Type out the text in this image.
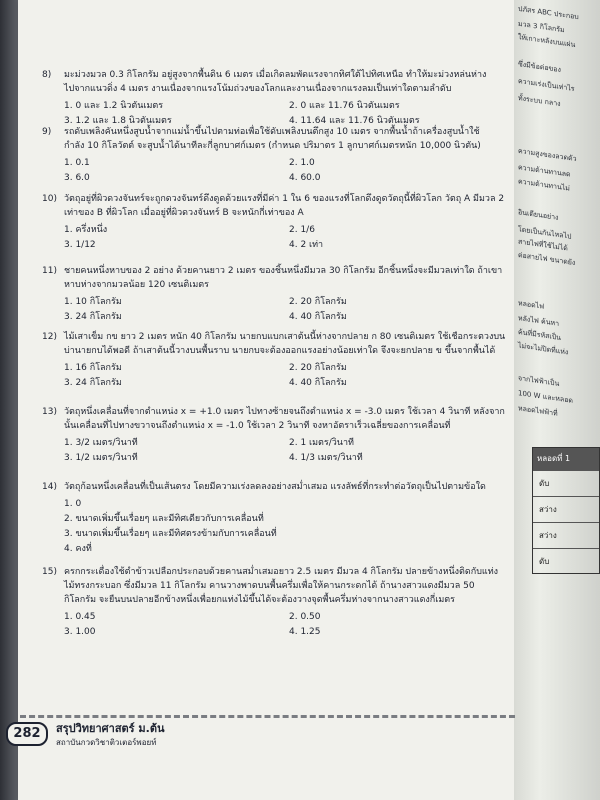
หลอดที่ 1
ดับ
สว่าง
สว่าง
ดับ
ปภัสร ABC ประกอบ
มวล 3 กิโลกรัม
ให้เกาะหลังบนแผ่น
ซึ่งมีข้อต่อของ
ความเร่งเป็นเท่าไร
ทั้งระบบ กลาง
ความสูงของลวดตัว
ความต้านทานลด
ความต้านทานไม่
อินเดียนอย่าง
โดยเป็นกันไหลไป
สายไฟที่ใช้ไม่ได้
ต่อสายไฟ ขนาดยัง
หลอดไฟ
หลังไฟ ค้นหา
ค้นที่มีรหัสเป็น
ไม่จะไม่ปิดที่แห่ง
จากไฟฟ้าเป็น
100 W และหลอด
หลอดไฟฟ้าที่
8) มะม่วงมวล 0.3 กิโลกรัม อยู่สูงจากพื้นดิน 6 เมตร เมื่อเกิดลมพัดแรงจากทิศใต้ไปทิศเหนือ ทำให้มะม่วงหล่นห่าง
ไปจากแนวดิ่ง 4 เมตร งานเนื่องจากแรงโน้มถ่วงของโลกและงานเนื่องจากแรงลมเป็นเท่าใดตามลำดับ
1. 0 และ 1.2 นิวตันเมตร	2. 0 และ 11.76 นิวตันเมตร
3. 1.2 และ 1.8 นิวตันเมตร	4. 11.64 และ 11.76 นิวตันเมตร
9) รถดับเพลิงคันหนึ่งสูบน้ำจากแม่น้ำขึ้นไปตามท่อเพื่อใช้ดับเพลิงบนตึกสูง 10 เมตร จากพื้นน้ำถ้าเครื่องสูบน้ำใช้
กำลัง 10 กิโลวัตต์ จะสูบน้ำได้นาทีละกี่ลูกบาศก์เมตร (กำหนด ปริมาตร 1 ลูกบาศก์เมตรหนัก 10,000 นิวตัน)
1. 0.1	2. 1.0
3. 6.0	4. 60.0
10) วัตถุอยู่ที่ผิวดวงจันทร์จะถูกดวงจันทร์ดึงดูดด้วยแรงที่มีค่า 1 ใน 6 ของแรงที่โลกดึงดูดวัตถุนี้ที่ผิวโลก วัตถุ A มีมวล 2
เท่าของ B ที่ผิวโลก เมื่ออยู่ที่ผิวดวงจันทร์ B จะหนักกี่เท่าของ A
1. ครึ่งหนึ่ง	2. 1/6
3. 1/12	4. 2 เท่า
11) ชายคนหนึ่งหาบของ 2 อย่าง ด้วยคานยาว 2 เมตร ของชิ้นหนึ่งมีมวล 30 กิโลกรัม อีกชิ้นหนึ่งจะมีมวลเท่าใด ถ้าเขา
หาบห่างจากมวลน้อย 120 เซนติเมตร
1. 10 กิโลกรัม	2. 20 กิโลกรัม
3. 24 กิโลกรัม	4. 40 กิโลกรัม
12) ไม้เสาเข็ม กข ยาว 2 เมตร หนัก 40 กิโลกรัม นายกบแบกเสาต้นนี้ห่างจากปลาย ก 80 เซนติเมตร ใช้เชือกระตวงบน
บ่านายกบได้พอดี ถ้าเสาต้นนี้วางบนพื้นราบ นายกบจะต้องออกแรงอย่างน้อยเท่าใด จึงจะยกปลาย ข ขึ้นจากพื้นได้
1. 16 กิโลกรัม	2. 20 กิโลกรัม
3. 24 กิโลกรัม	4. 40 กิโลกรัม
13) วัตถุหนึ่งเคลื่อนที่จากตำแหน่ง x = +1.0 เมตร ไปทางซ้ายจนถึงตำแหน่ง x = -3.0 เมตร ใช้เวลา 4 วินาที หลังจาก
นั้นเคลื่อนที่ไปทางขวาจนถึงตำแหน่ง x = -1.0 ใช้เวลา 2 วินาที จงหาอัตราเร็วเฉลี่ยของการเคลื่อนที่
1. 3/2 เมตร/วินาที	2. 1 เมตร/วินาที
3. 1/2 เมตร/วินาที	4. 1/3 เมตร/วินาที
14) วัตถุก้อนหนึ่งเคลื่อนที่เป็นเส้นตรง โดยมีความเร่งลดลงอย่างสม่ำเสมอ แรงลัพธ์ที่กระทำต่อวัตถุเป็นไปตามข้อใด
1. 0
2. ขนาดเพิ่มขึ้นเรื่อยๆ และมีทิศเดียวกับการเคลื่อนที่
3. ขนาดเพิ่มขึ้นเรื่อยๆ และมีทิศตรงข้ามกับการเคลื่อนที่
4. คงที่
15) ครกกระเดื่องใช้ตำข้าวเปลือกประกอบด้วยคานสม่ำเสมอยาว 2.5 เมตร มีมวล 4 กิโลกรัม ปลายข้างหนึ่งติดกับแท่ง
ไม้ทรงกระบอก ซึ่งมีมวล 11 กิโลกรัม คานวางพาดบนพื้นครึ่มเพื่อให้คานกระดกได้ ถ้านางสาวแดงมีมวล 50
กิโลกรัม จะยืนบนปลายอีกข้างหนึ่งเพื่อยกแท่งไม้ขึ้นได้จะต้องวางจุดพื้นครึ่มห่างจากนางสาวแดงกี่เมตร
1. 0.45	2. 0.50
3. 1.00	4. 1.25
282	สรุปวิทยาศาสตร์ ม.ต้น
สถาบันกวดวิชาติวเตอร์พอยท์
